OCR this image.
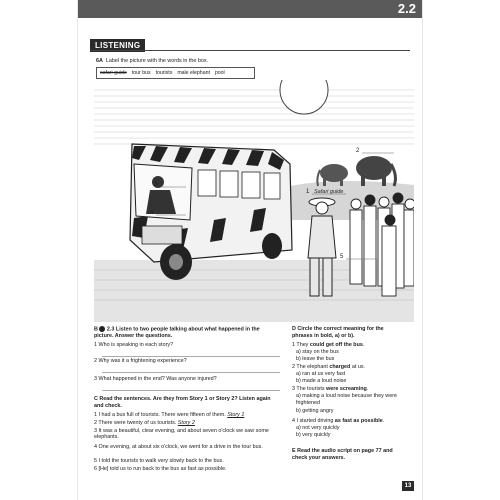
2.2
LISTENING
6A Label the picture with the words in the box.
safari guide tour bus tourists male elephant pool
1 Safari guide
2
3
4
5
B 2.3 Listen to two people talking about what happened in the
picture. Answer the questions.
1 Who is speaking in each story?
2 Why was it a frightening experience?
3 What happened in the end? Was anyone injured?
C Read the sentences. Are they from Story 1 or Story 2? Listen again
and check.
1 I had a bus full of tourists. There were fifteen of them. Story 1
2 There were twenty of us tourists. Story 2
3 It was a beautiful, clear evening, and about seven o'clock we saw some
elephants.
4 One evening, at about six o'clock, we went for a drive in the tour bus.
5 I told the tourists to walk very slowly back to the bus.
6 [He] told us to run back to the bus as fast as possible.
D Circle the correct meaning for the
phrases in bold, a) or b).
1 They could get off the bus.
a) stay on the bus
b) leave the bus
2 The elephant charged at us.
a) ran at us very fast
b) made a loud noise
3 The tourists were screaming.
a) making a loud noise because they were
frightened
b) getting angry
4 I started driving as fast as possible.
a) not very quickly
b) very quickly
E Read the audio script on page 77 and
check your answers.
13
